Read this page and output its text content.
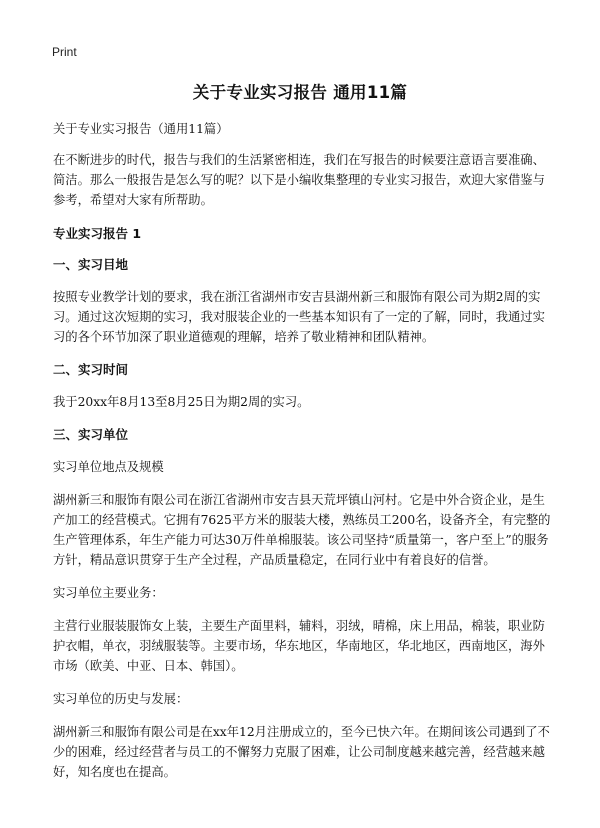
Print
关于专业实习报告 通用11篇

关于专业实习报告（通用11篇）

在不断进步的时代，报告与我们的生活紧密相连，我们在写报告的时候要注意语言要准确、简洁。那么一般报告是怎么写的呢？以下是小编收集整理的专业实习报告，欢迎大家借鉴与参考，希望对大家有所帮助。

专业实习报告 1

一、实习目地

按照专业教学计划的要求，我在浙江省湖州市安吉县湖州新三和服饰有限公司为期2周的实习。通过这次短期的实习，我对服装企业的一些基本知识有了一定的了解，同时，我通过实习的各个环节加深了职业道德观的理解，培养了敬业精神和团队精神。

二、实习时间

我于20xx年8月13至8月25日为期2周的实习。

三、实习单位

实习单位地点及规模

湖州新三和服饰有限公司在浙江省湖州市安吉县天荒坪镇山河村。它是中外合资企业，是生产加工的经营模式。它拥有7625平方米的服装大楼，熟练员工200名，设备齐全，有完整的生产管理体系，年生产能力可达30万件单棉服装。该公司坚持“质量第一，客户至上”的服务方针，精品意识贯穿于生产全过程，产品质量稳定，在同行业中有着良好的信誉。

实习单位主要业务：

主营行业服装服饰女上装，主要生产面里料，辅料，羽绒，晴棉，床上用品，棉装，职业防护衣帽，单衣，羽绒服装等。主要市场，华东地区，华南地区，华北地区，西南地区，海外市场（欧美、中亚、日本、韩国）。

实习单位的历史与发展：

湖州新三和服饰有限公司是在xx年12月注册成立的，至今已快六年。在期间该公司遇到了不少的困难，经过经营者与员工的不懈努力克服了困难，让公司制度越来越完善，经营越来越好，知名度也在提高。
